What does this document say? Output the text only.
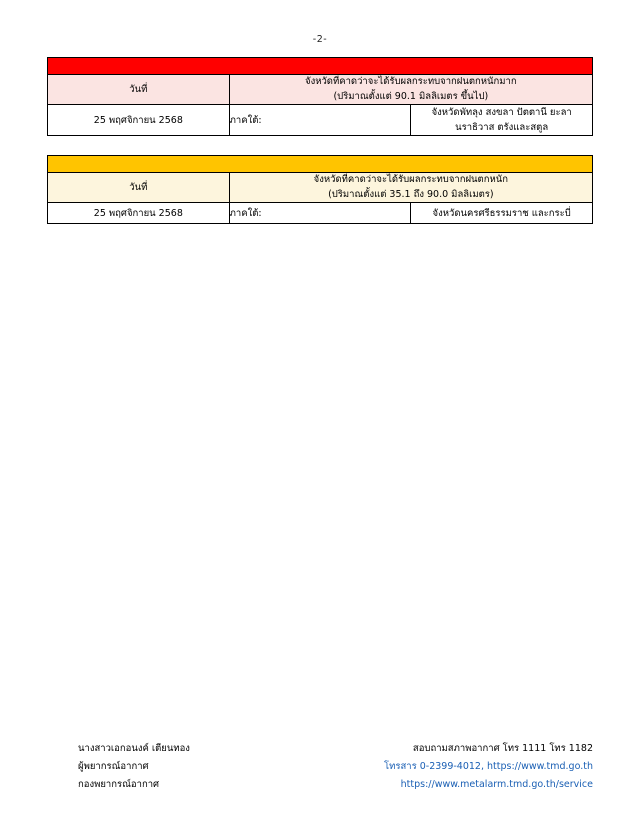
-2-

วันที่	จังหวัดที่คาดว่าจะได้รับผลกระทบจากฝนตกหนักมาก
(ปริมาณตั้งแต่ 90.1 มิลลิเมตร ขึ้นไป)	

25 พฤศจิกายน 2568	ภาคใต้:	จังหวัดพัทลุง สงขลา ปัตตานี ยะลา นราธิวาส ตรังและสตูล

วันที่	จังหวัดที่คาดว่าจะได้รับผลกระทบจากฝนตกหนัก
(ปริมาณตั้งแต่ 35.1 ถึง 90.0 มิลลิเมตร)	

25 พฤศจิกายน 2568	ภาคใต้:	จังหวัดนครศรีธรรมราช และกระบี่
นางสาวเอกอนงค์ เตียนทอง
ผู้พยากรณ์อากาศ
กองพยากรณ์อากาศ
สอบถามสภาพอากาศ โทร 1111 โทร 1182
โทรสาร 0-2399-4012, https://www.tmd.go.th
https://www.metalarm.tmd.go.th/service
